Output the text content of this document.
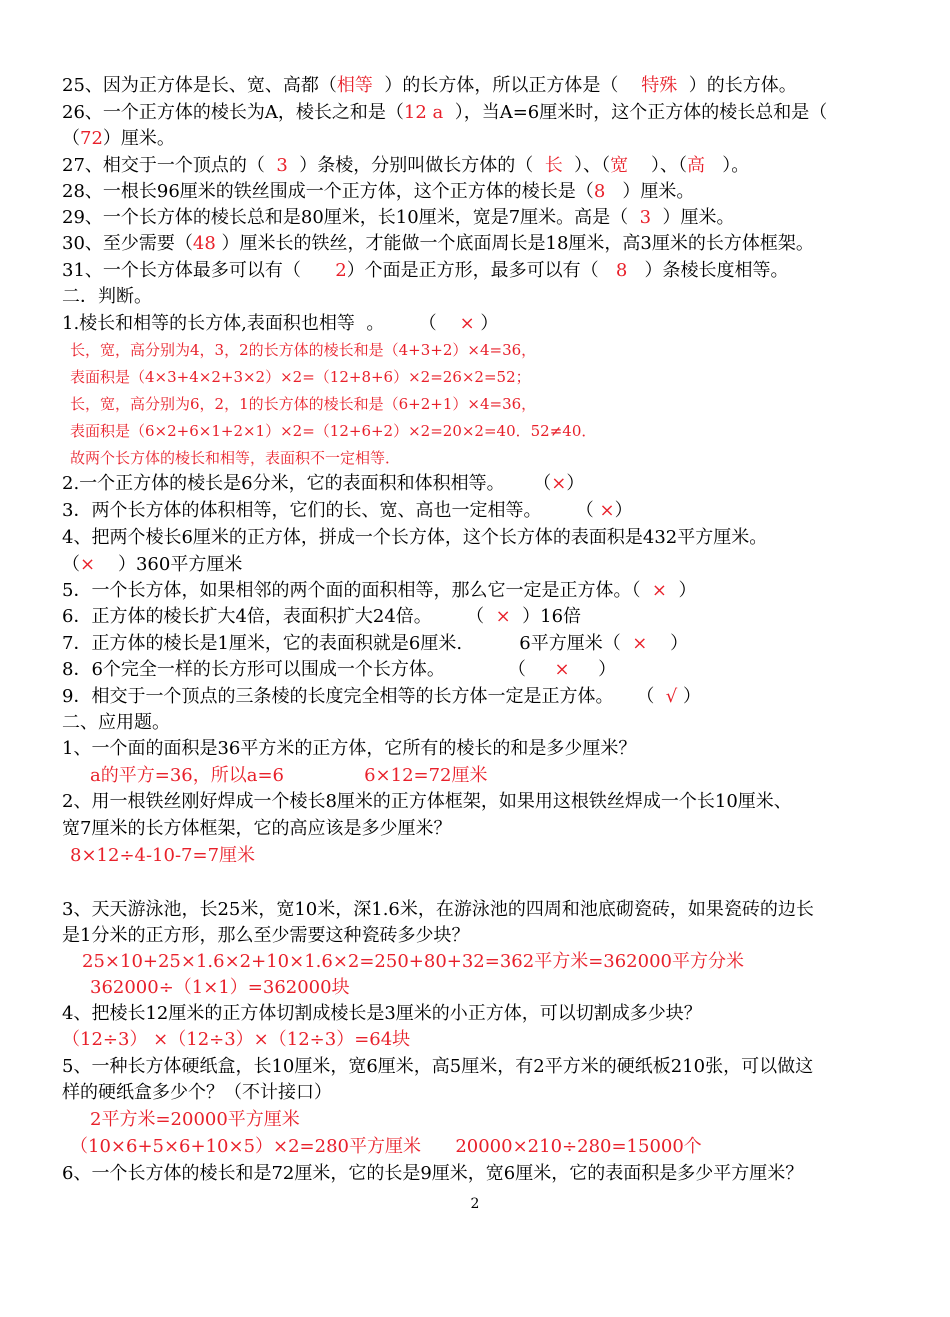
25、因为正方体是长、宽、高都（相等  ）的长方体，所以正方体是（    特殊  ）的长方体。
26、一个正方体的棱长为A，棱长之和是（12 a  ），当A=6厘米时，这个正方体的棱长总和是（
（72）厘米。
27、相交于一个顶点的（  3  ）条棱，分别叫做长方体的（  长  ）、（宽    ）、（高   ）。
28、一根长96厘米的铁丝围成一个正方体，这个正方体的棱长是（8   ）厘米。
29、一个长方体的棱长总和是80厘米，长10厘米，宽是7厘米。高是（  3  ）厘米。
30、至少需要（48 ）厘米长的铁丝，才能做一个底面周长是18厘米，高3厘米的长方体框架。
31、一个长方体最多可以有（      2）个面是正方形，最多可以有（   8   ）条棱长度相等。
二．判断。
1.棱长和相等的长方体,表面积也相等  。      （    × ）
长，宽，高分别为4，3，2的长方体的棱长和是（4+3+2）×4=36，
表面积是（4×3+4×2+3×2）×2=（12+8+6）×2=26×2=52；
长，宽，高分别为6，2，1的长方体的棱长和是（6+2+1）×4=36，
表面积是（6×2+6×1+2×1）×2=（12+6+2）×2=20×2=40．52≠40．
故两个长方体的棱长和相等，表面积不一定相等．
2.一个正方体的棱长是6分米，它的表面积和体积相等。     （×）
3．两个长方体的体积相等，它们的长、宽、高也一定相等。      （ ×）
4、把两个棱长6厘米的正方体，拼成一个长方体，这个长方体的表面积是432平方厘米。
（×    ）360平方厘米
5．一个长方体，如果相邻的两个面的面积相等，那么它一定是正方体。（  ×  ）
6．正方体的棱长扩大4倍，表面积扩大24倍。      （  ×  ）16倍
7．正方体的棱长是1厘米，它的表面积就是6厘米.          6平方厘米（  ×    ）
8．6个完全一样的长方形可以围成一个长方体。           （     ×     ）
9．相交于一个顶点的三条棱的长度完全相等的长方体一定是正方体。    （  √ ）
二、应用题。
1、一个面的面积是36平方米的正方体，它所有的棱长的和是多少厘米？
a的平方=36，所以a=6              6×12=72厘米
2、用一根铁丝刚好焊成一个棱长8厘米的正方体框架，如果用这根铁丝焊成一个长10厘米、
宽7厘米的长方体框架，它的高应该是多少厘米？
8×12÷4-10-7=7厘米
3、天天游泳池，长25米，宽10米，深1.6米，在游泳池的四周和池底砌瓷砖，如果瓷砖的边长
是1分米的正方形，那么至少需要这种瓷砖多少块？
25×10+25×1.6×2+10×1.6×2=250+80+32=362平方米=362000平方分米
362000÷（1×1）=362000块
4、把棱长12厘米的正方体切割成棱长是3厘米的小正方体，可以切割成多少块？
（12÷3） ×（12÷3）×（12÷3）=64块
5、一种长方体硬纸盒，长10厘米，宽6厘米，高5厘米，有2平方米的硬纸板210张，可以做这
样的硬纸盒多少个？（不计接口）
2平方米=20000平方厘米
（10×6+5×6+10×5）×2=280平方厘米      20000×210÷280=15000个
6、一个长方体的棱长和是72厘米，它的长是9厘米，宽6厘米，它的表面积是多少平方厘米？
2
